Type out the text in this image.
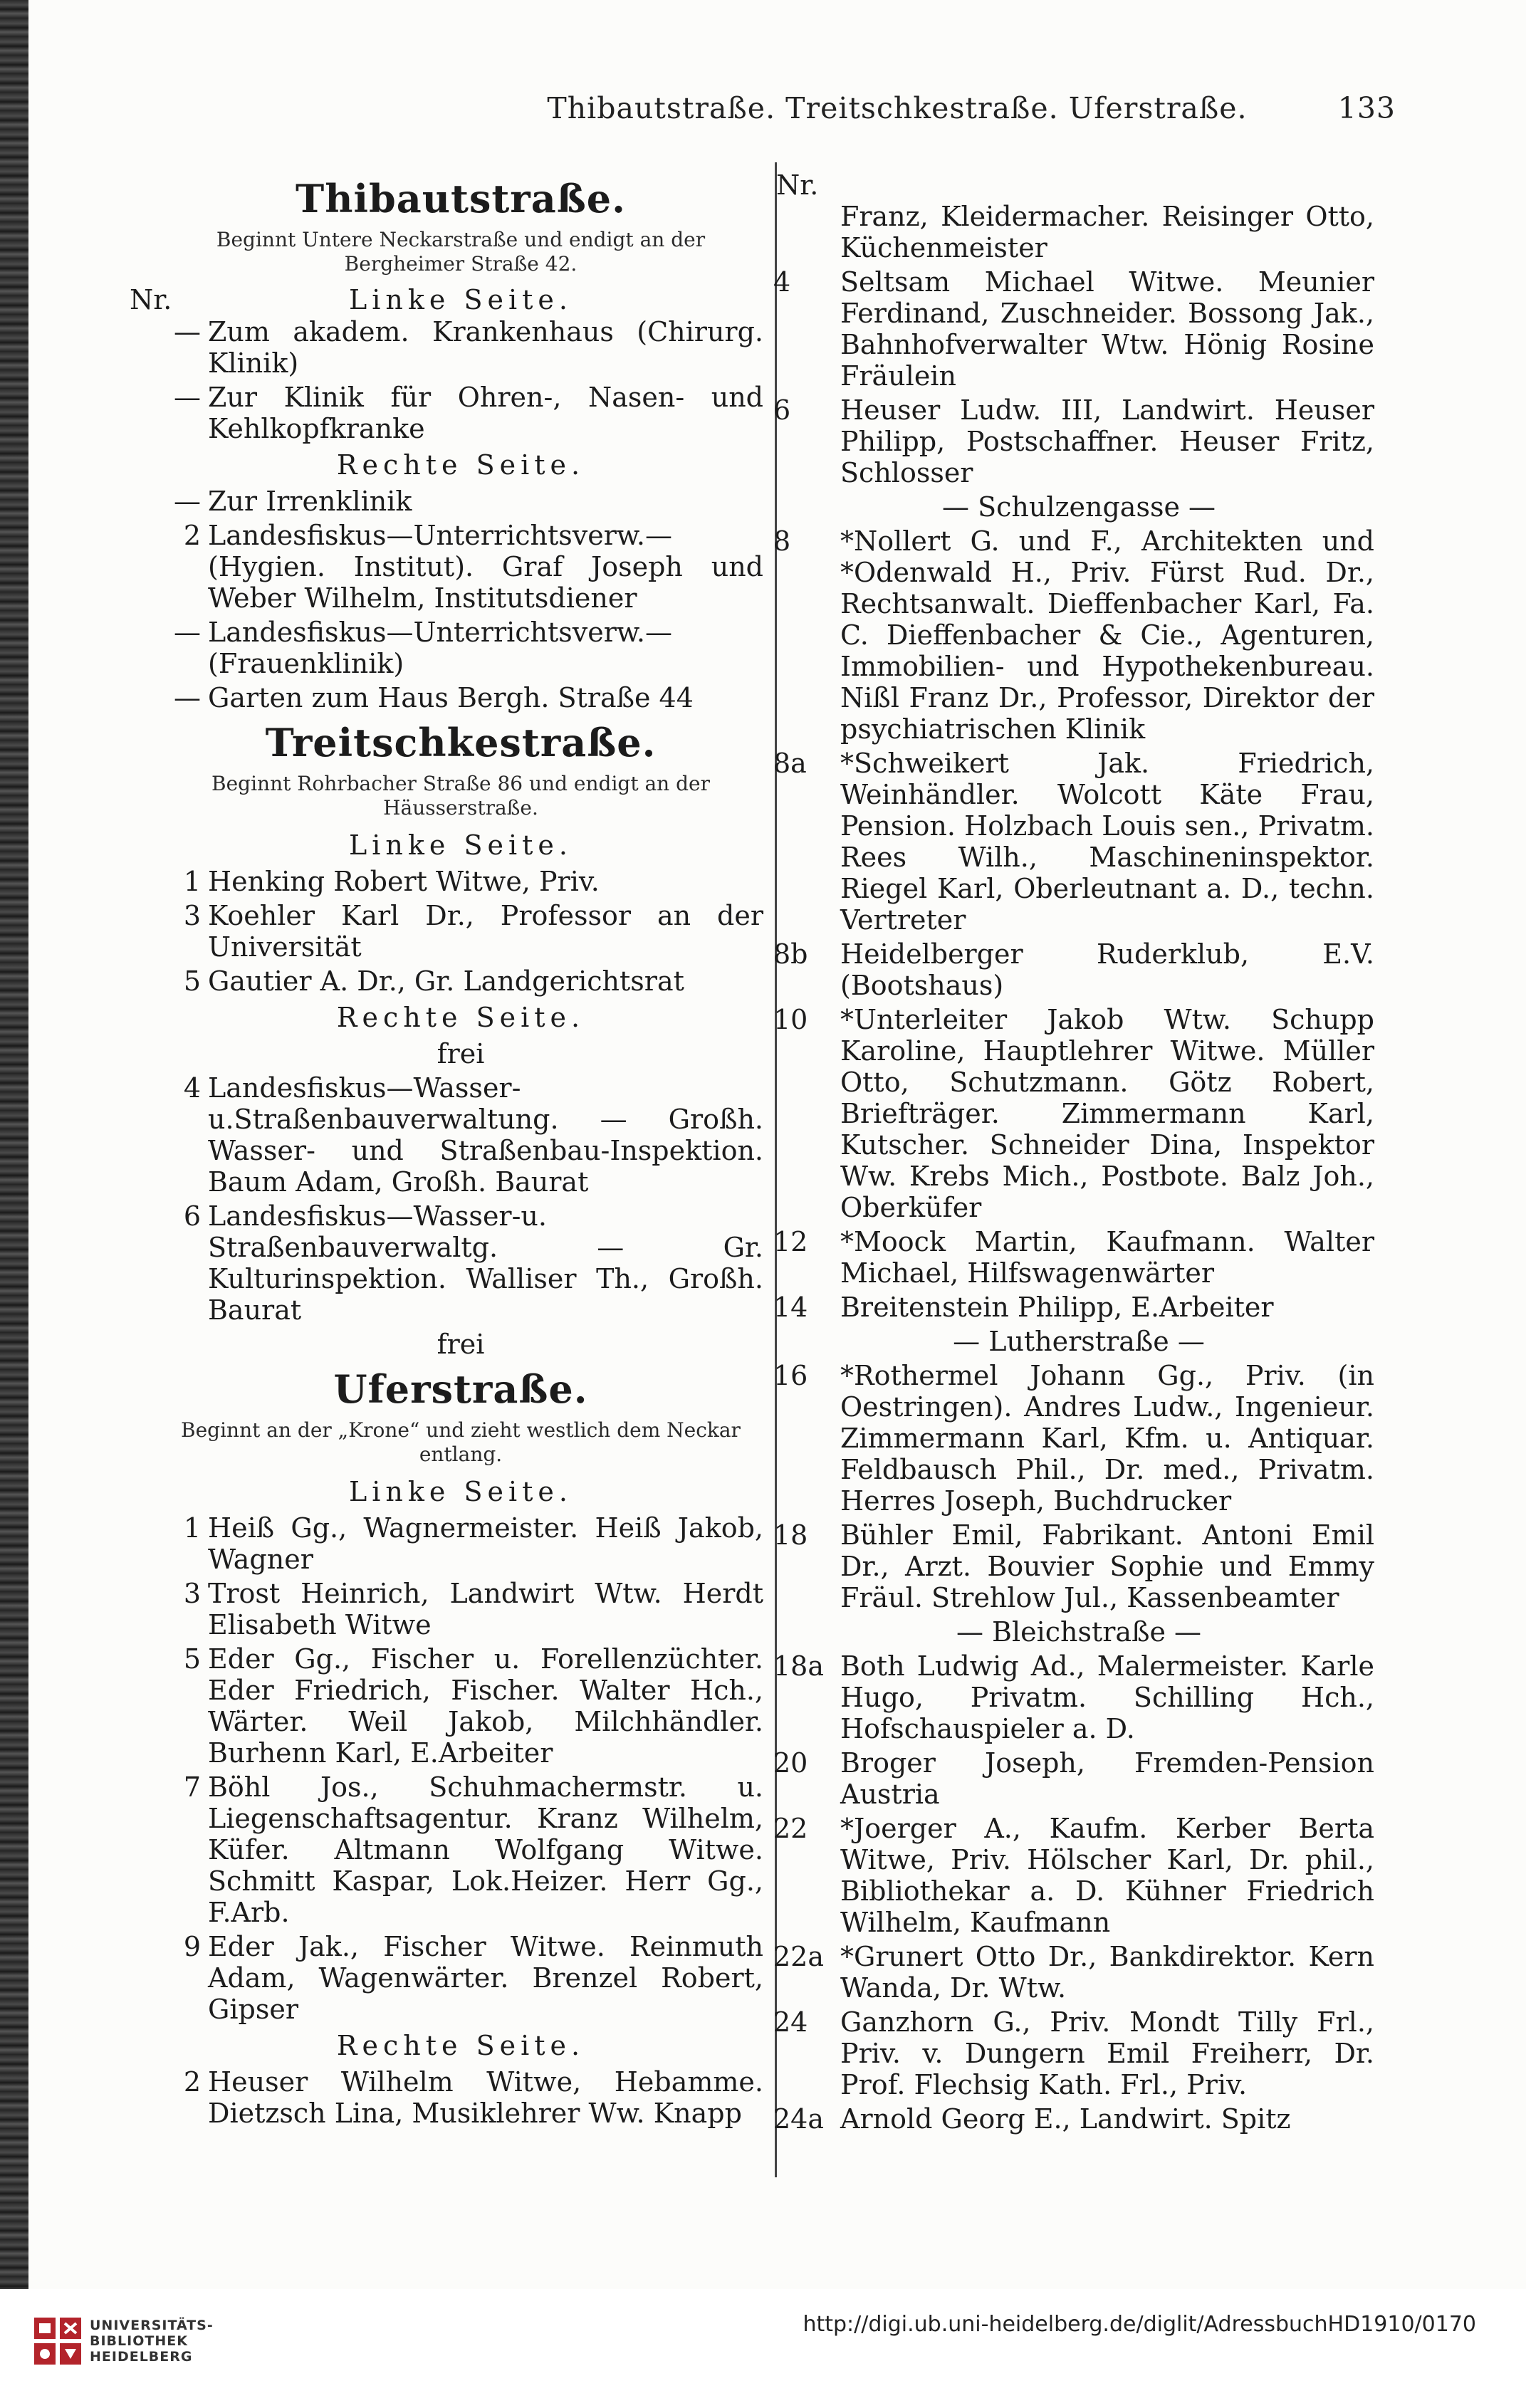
Thibautstraße. Treitschkestraße. Uferstraße.	133
Thibautstraße.
Beginnt Untere Neckarstraße und endigt an der Bergheimer Straße 42.
Nr.	Linke Seite.
— Zum akadem. Krankenhaus (Chirurg. Klinik)
— Zur Klinik für Ohren-, Nasen- und Kehlkopfkranke
Rechte Seite.
— Zur Irrenklinik
2 Landesfiskus—Unterrichtsverw.— (Hygien. Institut). Graf Joseph und Weber Wilhelm, Institutsdiener
— Landesfiskus—Unterrichtsverw.— (Frauenklinik)
— Garten zum Haus Bergh. Straße 44
Treitschkestraße.
Beginnt Rohrbacher Straße 86 und endigt an der Häusserstraße.
Linke Seite.
1 Henking Robert Witwe, Priv.
3 Koehler Karl Dr., Professor an der Universität
5 Gautier A. Dr., Gr. Landgerichtsrat
Rechte Seite.
frei
4 Landesfiskus—Wasser-u.Straßenbauverwaltung. — Großh. Wasser- und Straßenbau-Inspektion. Baum Adam, Großh. Baurat
6 Landesfiskus—Wasser-u. Straßenbauverwaltg. — Gr. Kulturinspektion. Walliser Th., Großh. Baurat
frei
Uferstraße.
Beginnt an der „Krone“ und zieht westlich dem Neckar entlang.
Linke Seite.
1 Heiß Gg., Wagnermeister. Heiß Jakob, Wagner
3 Trost Heinrich, Landwirt Wtw. Herdt Elisabeth Witwe
5 Eder Gg., Fischer u. Forellenzüchter. Eder Friedrich, Fischer. Walter Hch., Wärter. Weil Jakob, Milchhändler. Burhenn Karl, E.Arbeiter
7 Böhl Jos., Schuhmachermstr. u. Liegenschaftsagentur. Kranz Wilhelm, Küfer. Altmann Wolfgang Witwe. Schmitt Kaspar, Lok.Heizer. Herr Gg., F.Arb.
9 Eder Jak., Fischer Witwe. Reinmuth Adam, Wagenwärter. Brenzel Robert, Gipser
Rechte Seite.
2 Heuser Wilhelm Witwe, Hebamme. Dietzsch Lina, Musiklehrer Ww. Knapp
Nr.
Franz, Kleidermacher. Reisinger Otto, Küchenmeister
4	Seltsam Michael Witwe. Meunier Ferdinand, Zuschneider. Bossong Jak., Bahnhofverwalter Wtw. Hönig Rosine Fräulein
6	Heuser Ludw. III, Landwirt. Heuser Philipp, Postschaffner. Heuser Fritz, Schlosser
— Schulzengasse —
8	*Nollert G. und F., Architekten und *Odenwald H., Priv. Fürst Rud. Dr., Rechtsanwalt. Dieffenbacher Karl, Fa. C. Dieffenbacher & Cie., Agenturen, Immobilien- und Hypothekenbureau. Nißl Franz Dr., Professor, Direktor der psychiatrischen Klinik
8a	*Schweikert Jak. Friedrich, Weinhändler. Wolcott Käte Frau, Pension. Holzbach Louis sen., Privatm. Rees Wilh., Maschineninspektor. Riegel Karl, Oberleutnant a. D., techn. Vertreter
8b	Heidelberger Ruderklub, E.V. (Bootshaus)
10	*Unterleiter Jakob Wtw. Schupp Karoline, Hauptlehrer Witwe. Müller Otto, Schutzmann. Götz Robert, Briefträger. Zimmermann Karl, Kutscher. Schneider Dina, Inspektor Ww. Krebs Mich., Postbote. Balz Joh., Oberküfer
12	*Moock Martin, Kaufmann. Walter Michael, Hilfswagenwärter
14	Breitenstein Philipp, E.Arbeiter
— Lutherstraße —
16	*Rothermel Johann Gg., Priv. (in Oestringen). Andres Ludw., Ingenieur. Zimmermann Karl, Kfm. u. Antiquar. Feldbausch Phil., Dr. med., Privatm. Herres Joseph, Buchdrucker
18	Bühler Emil, Fabrikant. Antoni Emil Dr., Arzt. Bouvier Sophie und Emmy Fräul. Strehlow Jul., Kassenbeamter
— Bleichstraße —
18a Both Ludwig Ad., Malermeister. Karle Hugo, Privatm. Schilling Hch., Hofschauspieler a. D.
20	Broger Joseph, Fremden-Pension Austria
22	*Joerger A., Kaufm. Kerber Berta Witwe, Priv. Hölscher Karl, Dr. phil., Bibliothekar a. D. Kühner Friedrich Wilhelm, Kaufmann
22a *Grunert Otto Dr., Bankdirektor. Kern Wanda, Dr. Wtw.
24	Ganzhorn G., Priv. Mondt Tilly Frl., Priv. v. Dungern Emil Freiherr, Dr. Prof. Flechsig Kath. Frl., Priv.
24a Arnold Georg E., Landwirt. Spitz
UNIVERSITÄTS-
BIBLIOTHEK
HEIDELBERG
http://digi.ub.uni-heidelberg.de/diglit/AdressbuchHD1910/0170
